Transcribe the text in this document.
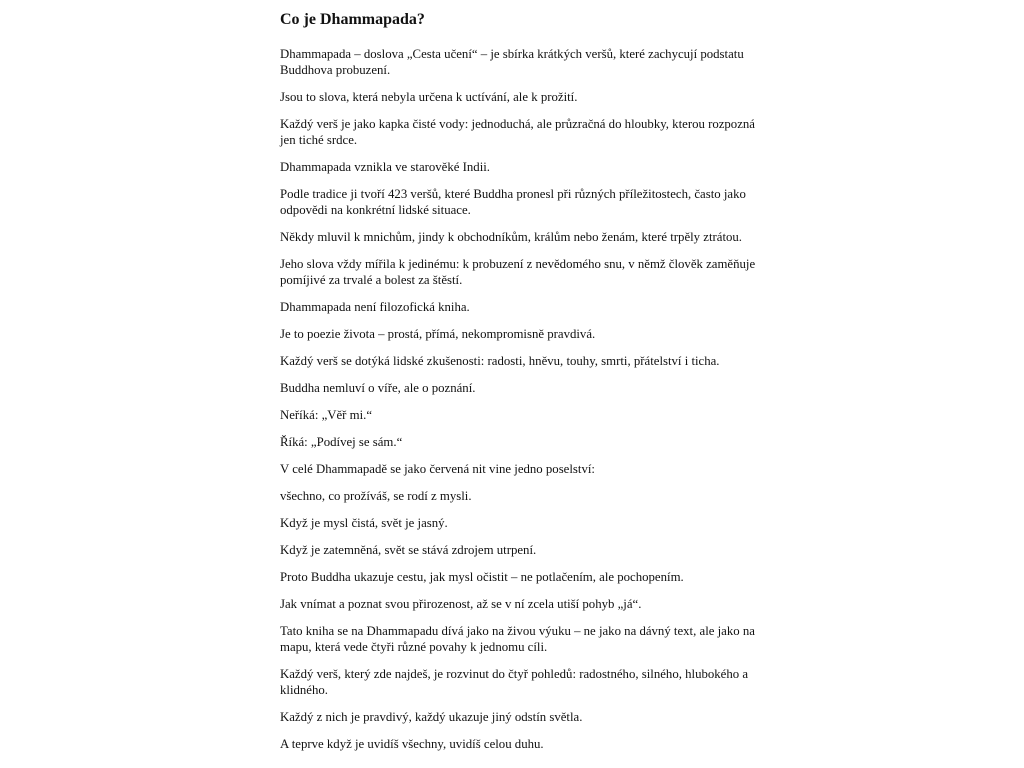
Co je Dhammapada?

Dhammapada – doslova „Cesta učení“ – je sbírka krátkých veršů, které zachycují podstatu Buddhova probuzení.

Jsou to slova, která nebyla určena k uctívání, ale k prožití.

Každý verš je jako kapka čisté vody: jednoduchá, ale průzračná do hloubky, kterou rozpozná jen tiché srdce.

Dhammapada vznikla ve starověké Indii.

Podle tradice ji tvoří 423 veršů, které Buddha pronesl při různých příležitostech, často jako odpovědi na konkrétní lidské situace.

Někdy mluvil k mnichům, jindy k obchodníkům, králům nebo ženám, které trpěly ztrátou.

Jeho slova vždy mířila k jedinému: k probuzení z nevědomého snu, v němž člověk zaměňuje pomíjivé za trvalé a bolest za štěstí.

Dhammapada není filozofická kniha.

Je to poezie života – prostá, přímá, nekompromisně pravdivá.

Každý verš se dotýká lidské zkušenosti: radosti, hněvu, touhy, smrti, přátelství i ticha.

Buddha nemluví o víře, ale o poznání.

Neříká: „Věř mi.“

Říká: „Podívej se sám.“

V celé Dhammapadě se jako červená nit vine jedno poselství:

všechno, co prožíváš, se rodí z mysli.

Když je mysl čistá, svět je jasný.

Když je zatemněná, svět se stává zdrojem utrpení.

Proto Buddha ukazuje cestu, jak mysl očistit – ne potlačením, ale pochopením.

Jak vnímat a poznat svou přirozenost, až se v ní zcela utiší pohyb „já“.

Tato kniha se na Dhammapadu dívá jako na živou výuku – ne jako na dávný text, ale jako na mapu, která vede čtyři různé povahy k jednomu cíli.

Každý verš, který zde najdeš, je rozvinut do čtyř pohledů: radostného, silného, hlubokého a klidného.

Každý z nich je pravdivý, každý ukazuje jiný odstín světla.

A teprve když je uvidíš všechny, uvidíš celou duhu.
